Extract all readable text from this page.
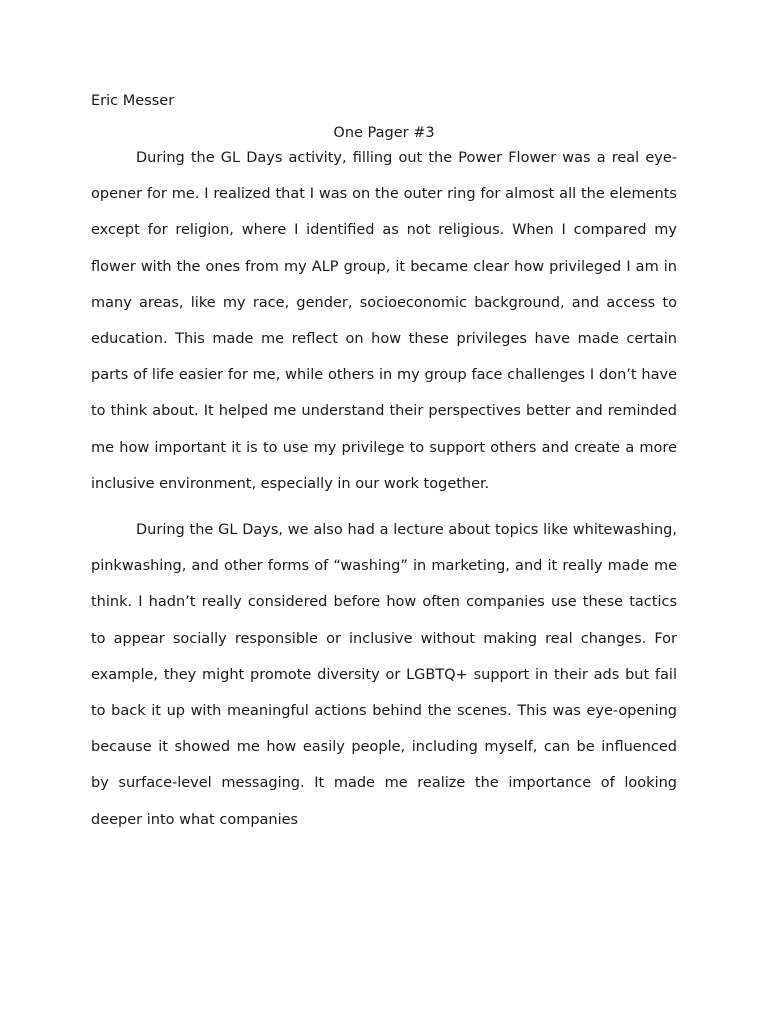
Eric Messer

One Pager #3

During the GL Days activity, filling out the Power Flower was a real eye-opener for me. I realized that I was on the outer ring for almost all the elements except for religion, where I identified as not religious. When I compared my flower with the ones from my ALP group, it became clear how privileged I am in many areas, like my race, gender, socioeconomic background, and access to education. This made me reflect on how these privileges have made certain parts of life easier for me, while others in my group face challenges I don’t have to think about. It helped me understand their perspectives better and reminded me how important it is to use my privilege to support others and create a more inclusive environment, especially in our work together.

During the GL Days, we also had a lecture about topics like whitewashing, pinkwashing, and other forms of “washing” in marketing, and it really made me think. I hadn’t really considered before how often companies use these tactics to appear socially responsible or inclusive without making real changes. For example, they might promote diversity or LGBTQ+ support in their ads but fail to back it up with meaningful actions behind the scenes. This was eye-opening because it showed me how easily people, including myself, can be influenced by surface-level messaging. It made me realize the importance of looking deeper into what companies
